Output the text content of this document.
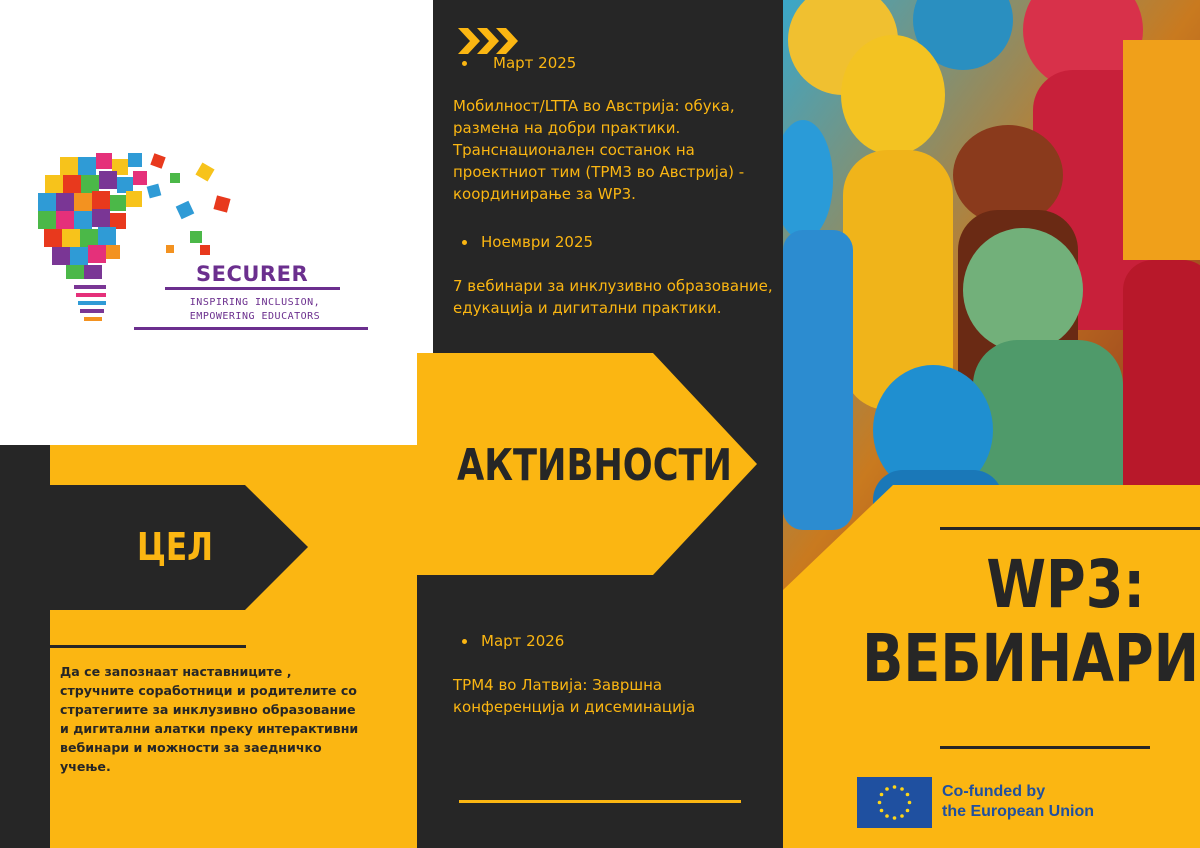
SECURER
INSPIRING INCLUSION,
EMPOWERING EDUCATORS
ЦЕЛ
Да се запознаат наставниците , стручните соработници и родителите со стратегиите за инклузивно образование и дигитални алатки преку интерактивни вебинари и можности за заедничко учење.
Март 2025
Мобилност/LTTA во Австрија: обука, размена на добри практики. Транснационален состанок на проектниот тим (TPM3 во Австрија) - координирање за WP3.
Ноември 2025
7 вебинари за инклузивно образование, едукација и дигитални практики.
АКТИВНОСТИ
Март 2026
TPM4 во Латвија: Завршна конференција и дисеминација
WP3:
ВЕБИНАРИ
Co-funded by
the European Union
